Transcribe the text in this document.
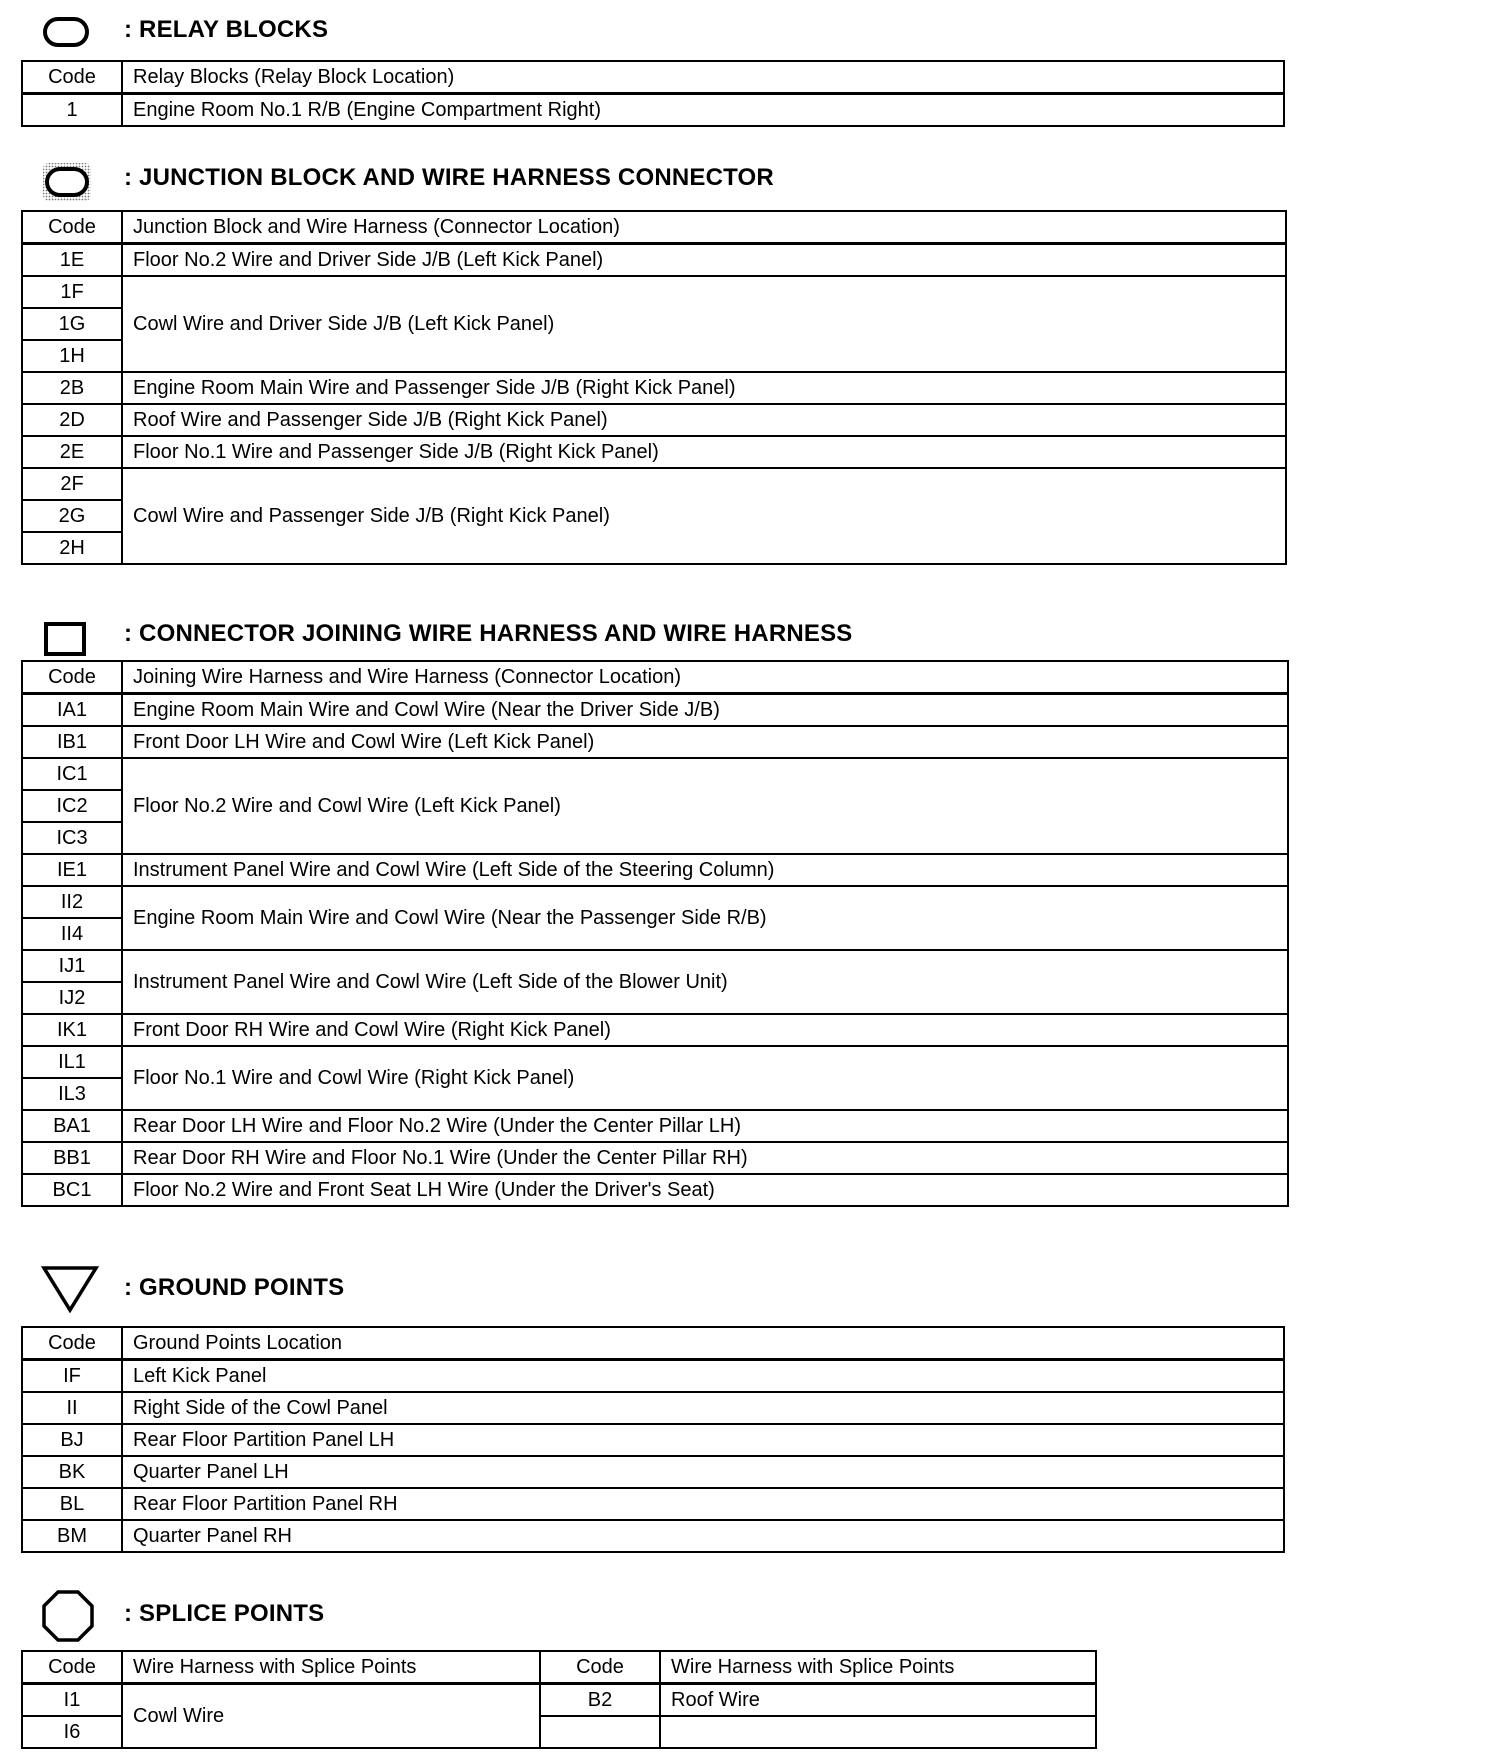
: RELAY BLOCKS
Code	Relay Blocks (Relay Block Location)
1	Engine Room No.1 R/B (Engine Compartment Right)
: JUNCTION BLOCK AND WIRE HARNESS CONNECTOR
Code	Junction Block and Wire Harness (Connector Location)
1E	Floor No.2 Wire and Driver Side J/B (Left Kick Panel)
1F	Cowl Wire and Driver Side J/B (Left Kick Panel)
1G	
1H	
2B	Engine Room Main Wire and Passenger Side J/B (Right Kick Panel)
2D	Roof Wire and Passenger Side J/B (Right Kick Panel)
2E	Floor No.1 Wire and Passenger Side J/B (Right Kick Panel)
2F	Cowl Wire and Passenger Side J/B (Right Kick Panel)
2G	
2H	
: CONNECTOR JOINING WIRE HARNESS AND WIRE HARNESS
Code	Joining Wire Harness and Wire Harness (Connector Location)
IA1	Engine Room Main Wire and Cowl Wire (Near the Driver Side J/B)
IB1	Front Door LH Wire and Cowl Wire (Left Kick Panel)
IC1	Floor No.2 Wire and Cowl Wire (Left Kick Panel)
IC2	
IC3	
IE1	Instrument Panel Wire and Cowl Wire (Left Side of the Steering Column)
II2	Engine Room Main Wire and Cowl Wire (Near the Passenger Side R/B)
II4	
IJ1	Instrument Panel Wire and Cowl Wire (Left Side of the Blower Unit)
IJ2	
IK1	Front Door RH Wire and Cowl Wire (Right Kick Panel)
IL1	Floor No.1 Wire and Cowl Wire (Right Kick Panel)
IL3	
BA1	Rear Door LH Wire and Floor No.2 Wire (Under the Center Pillar LH)
BB1	Rear Door RH Wire and Floor No.1 Wire (Under the Center Pillar RH)
BC1	Floor No.2 Wire and Front Seat LH Wire (Under the Driver's Seat)
: GROUND POINTS
Code	Ground Points Location
IF	Left Kick Panel
II	Right Side of the Cowl Panel
BJ	Rear Floor Partition Panel LH
BK	Quarter Panel LH
BL	Rear Floor Partition Panel RH
BM	Quarter Panel RH
: SPLICE POINTS
Code	Wire Harness with Splice Points	Code	Wire Harness with Splice Points
I1	Cowl Wire	B2	Roof Wire
I6			
